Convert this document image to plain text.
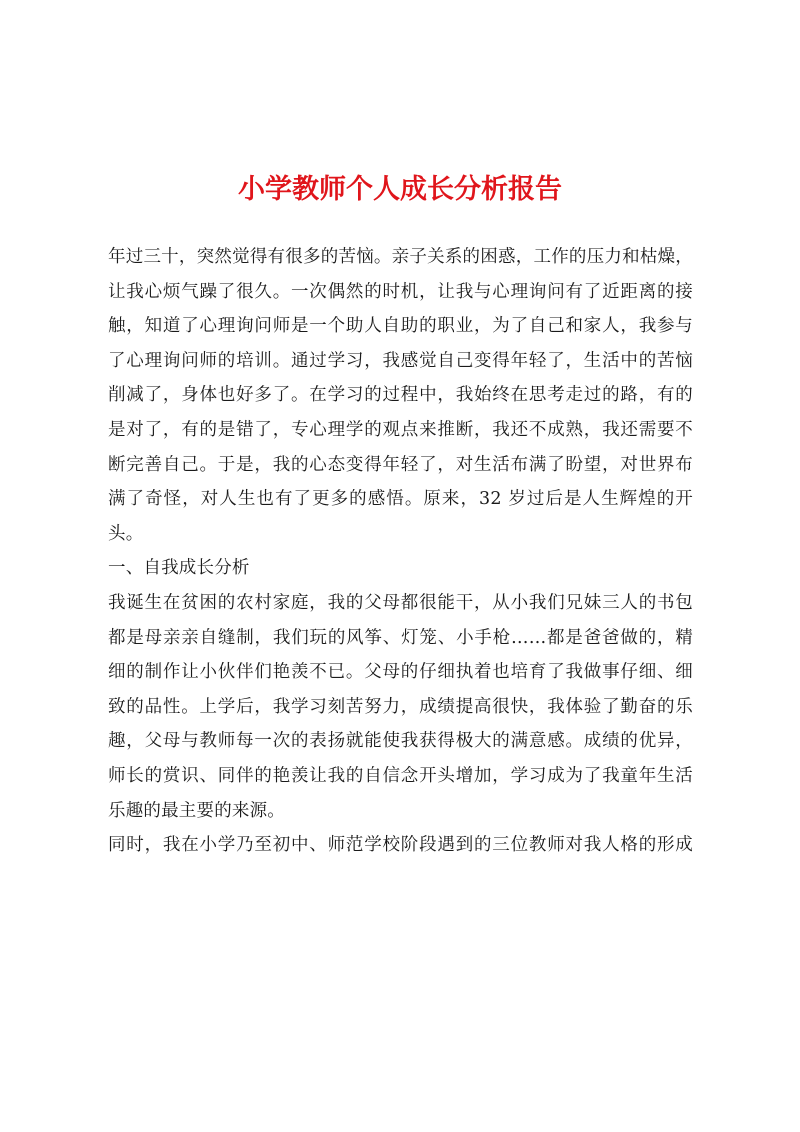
小学教师个人成长分析报告
年过三十，突然觉得有很多的苦恼。亲子关系的困惑，工作的压力和枯燥，
让我心烦气躁了很久。一次偶然的时机，让我与心理询问有了近距离的接
触，知道了心理询问师是一个助人自助的职业，为了自己和家人，我参与
了心理询问师的培训。通过学习，我感觉自己变得年轻了，生活中的苦恼
削减了，身体也好多了。在学习的过程中，我始终在思考走过的路，有的
是对了，有的是错了，专心理学的观点来推断，我还不成熟，我还需要不
断完善自己。于是，我的心态变得年轻了，对生活布满了盼望，对世界布
满了奇怪，对人生也有了更多的感悟。原来，32 岁过后是人生辉煌的开
头。
一、自我成长分析
我诞生在贫困的农村家庭，我的父母都很能干，从小我们兄妹三人的书包
都是母亲亲自缝制，我们玩的风筝、灯笼、小手枪……都是爸爸做的，精
细的制作让小伙伴们艳羡不已。父母的仔细执着也培育了我做事仔细、细
致的品性。上学后，我学习刻苦努力，成绩提高很快，我体验了勤奋的乐
趣，父母与教师每一次的表扬就能使我获得极大的满意感。成绩的优异，
师长的赏识、同伴的艳羡让我的自信念开头增加，学习成为了我童年生活
乐趣的最主要的来源。
同时，我在小学乃至初中、师范学校阶段遇到的三位教师对我人格的形成
